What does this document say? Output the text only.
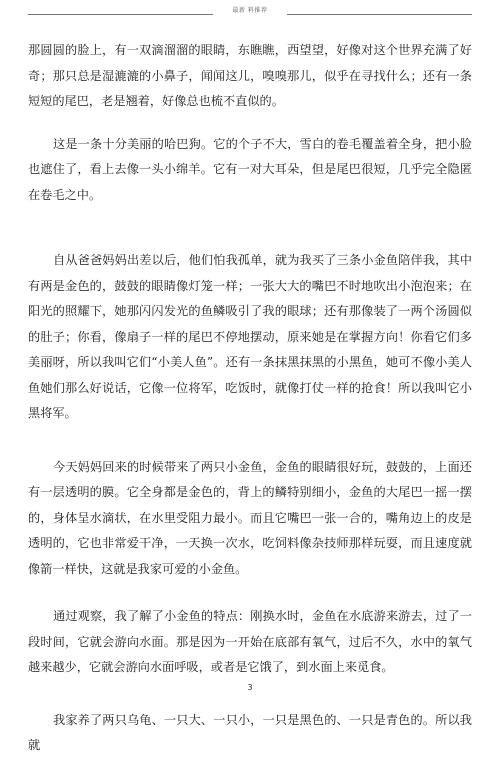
最新 料推荐

那圆圆的脸上，有一双滴溜溜的眼睛，东瞧瞧，西望望，好像对这个世界充满了好奇；那只总是湿漉漉的小鼻子，闻闻这儿，嗅嗅那儿，似乎在寻找什么；还有一条短短的尾巴，老是翘着，好像总也梳不直似的。

这是一条十分美丽的哈巴狗。它的个子不大，雪白的卷毛覆盖着全身，把小脸也遮住了，看上去像一头小绵羊。它有一对大耳朵，但是尾巴很短，几乎完全隐匿在卷毛之中。

自从爸爸妈妈出差以后，他们怕我孤单，就为我买了三条小金鱼陪伴我，其中有两是金色的，鼓鼓的眼睛像灯笼一样；一张大大的嘴巴不时地吹出小泡泡来；在阳光的照耀下，她那闪闪发光的鱼鳞吸引了我的眼球；还有那像装了一两个汤圆似的肚子；你看，像扇子一样的尾巴不停地摆动，原来她是在掌握方向！你看它们多美丽呀，所以我叫它们“小美人鱼”。还有一条抹黑抹黑的小黑鱼，她可不像小美人鱼她们那么好说话，它像一位将军，吃饭时，就像打仗一样的抢食！所以我叫它小黑将军。

今天妈妈回来的时候带来了两只小金鱼，金鱼的眼睛很好玩，鼓鼓的，上面还有一层透明的膜。它全身都是金色的，背上的鳞特别细小，金鱼的大尾巴一摇一摆的，身体呈水滴状，在水里受阻力最小。而且它嘴巴一张一合的，嘴角边上的皮是透明的，它也非常爱干净，一天换一次水，吃饲料像杂技师那样玩耍，而且速度就像箭一样快，这就是我家可爱的小金鱼。

通过观察，我了解了小金鱼的特点：刚换水时，金鱼在水底游来游去，过了一段时间，它就会游向水面。那是因为一开始在底部有氧气，过后不久，水中的氧气越来越少，它就会游向水面呼吸，或者是它饿了，到水面上来觅食。

我家养了两只乌龟、一只大、一只小，一只是黑色的、一只是青色的。所以我就

3
